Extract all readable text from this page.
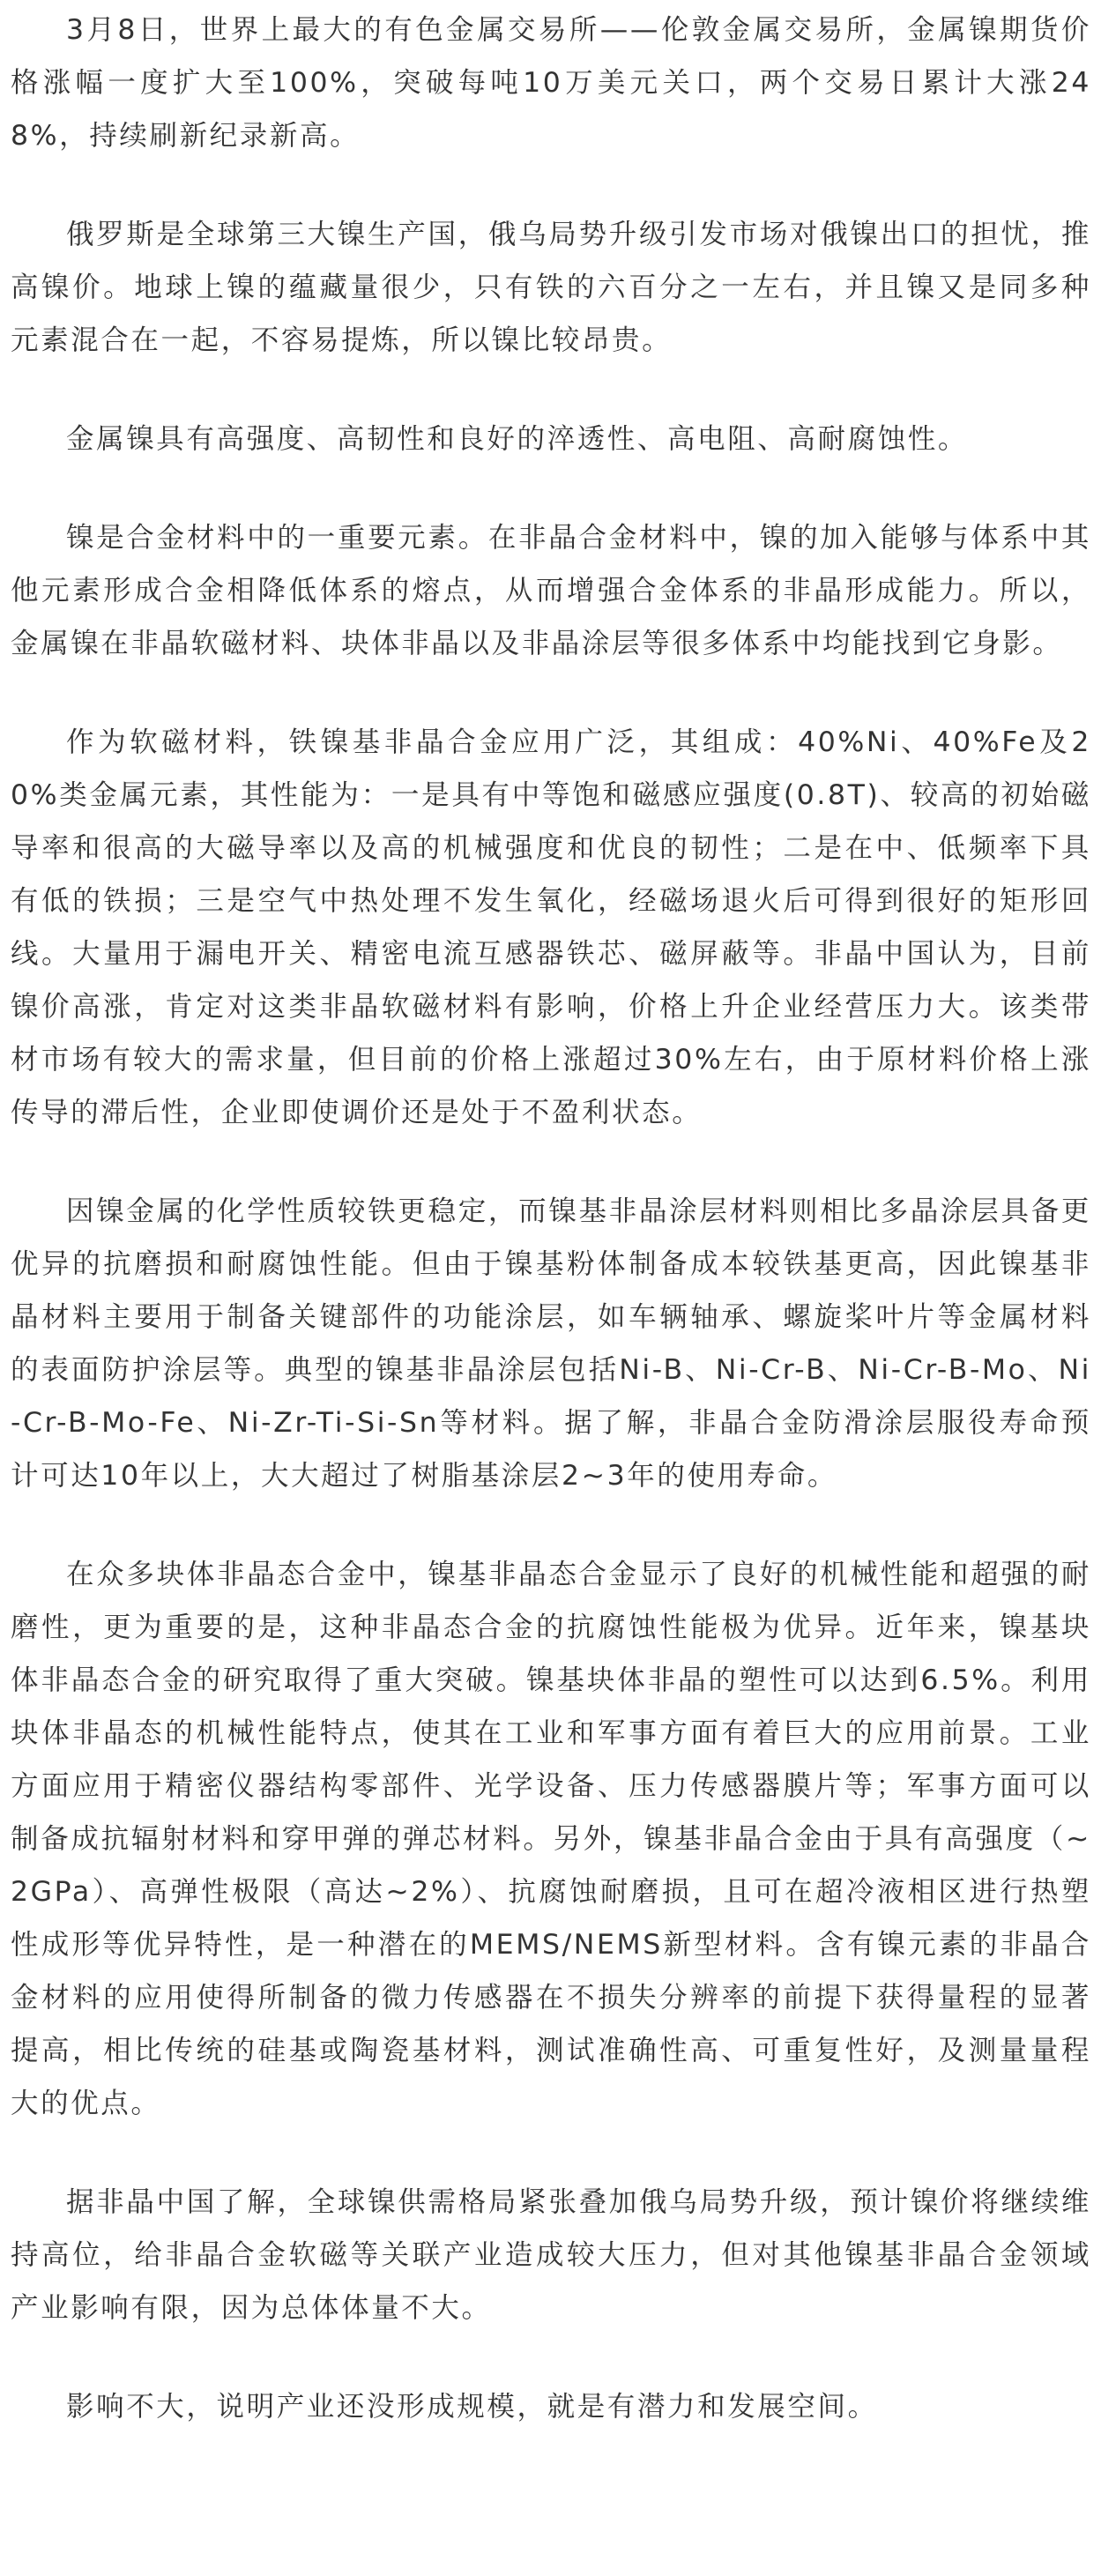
3月8日，世界上最大的有色金属交易所——伦敦金属交易所，金属镍期货价格涨幅一度扩大至100%，突破每吨10万美元关口，两个交易日累计大涨248%，持续刷新纪录新高。

俄罗斯是全球第三大镍生产国，俄乌局势升级引发市场对俄镍出口的担忧，推高镍价。地球上镍的蕴藏量很少，只有铁的六百分之一左右，并且镍又是同多种元素混合在一起，不容易提炼，所以镍比较昂贵。

金属镍具有高强度、高韧性和良好的淬透性、高电阻、高耐腐蚀性。

镍是合金材料中的一重要元素。在非晶合金材料中，镍的加入能够与体系中其他元素形成合金相降低体系的熔点，从而增强合金体系的非晶形成能力。所以，金属镍在非晶软磁材料、块体非晶以及非晶涂层等很多体系中均能找到它身影。

作为软磁材料，铁镍基非晶合金应用广泛，其组成：40%Ni、40%Fe及20%类金属元素，其性能为：一是具有中等饱和磁感应强度(0.8T)、较高的初始磁导率和很高的大磁导率以及高的机械强度和优良的韧性；二是在中、低频率下具有低的铁损；三是空气中热处理不发生氧化，经磁场退火后可得到很好的矩形回线。大量用于漏电开关、精密电流互感器铁芯、磁屏蔽等。非晶中国认为，目前镍价高涨，肯定对这类非晶软磁材料有影响，价格上升企业经营压力大。该类带材市场有较大的需求量，但目前的价格上涨超过30%左右，由于原材料价格上涨传导的滞后性，企业即使调价还是处于不盈利状态。

因镍金属的化学性质较铁更稳定，而镍基非晶涂层材料则相比多晶涂层具备更优异的抗磨损和耐腐蚀性能。但由于镍基粉体制备成本较铁基更高，因此镍基非晶材料主要用于制备关键部件的功能涂层，如车辆轴承、螺旋桨叶片等金属材料的表面防护涂层等。典型的镍基非晶涂层包括Ni-B、Ni-Cr-B、Ni-Cr-B-Mo、Ni-Cr-B-Mo-Fe、Ni-Zr-Ti-Si-Sn等材料。据了解，非晶合金防滑涂层服役寿命预计可达10年以上，大大超过了树脂基涂层2~3年的使用寿命。

在众多块体非晶态合金中，镍基非晶态合金显示了良好的机械性能和超强的耐磨性，更为重要的是，这种非晶态合金的抗腐蚀性能极为优异。近年来，镍基块体非晶态合金的研究取得了重大突破。镍基块体非晶的塑性可以达到6.5%。利用块体非晶态的机械性能特点，使其在工业和军事方面有着巨大的应用前景。工业方面应用于精密仪器结构零部件、光学设备、压力传感器膜片等；军事方面可以制备成抗辐射材料和穿甲弹的弹芯材料。另外，镍基非晶合金由于具有高强度（~2GPa）、高弹性极限（高达~2%）、抗腐蚀耐磨损，且可在超冷液相区进行热塑性成形等优异特性，是一种潜在的MEMS/NEMS新型材料。含有镍元素的非晶合金材料的应用使得所制备的微力传感器在不损失分辨率的前提下获得量程的显著提高，相比传统的硅基或陶瓷基材料，测试准确性高、可重复性好，及测量量程大的优点。

据非晶中国了解，全球镍供需格局紧张叠加俄乌局势升级，预计镍价将继续维持高位，给非晶合金软磁等关联产业造成较大压力，但对其他镍基非晶合金领域产业影响有限，因为总体体量不大。

影响不大，说明产业还没形成规模，就是有潜力和发展空间。
